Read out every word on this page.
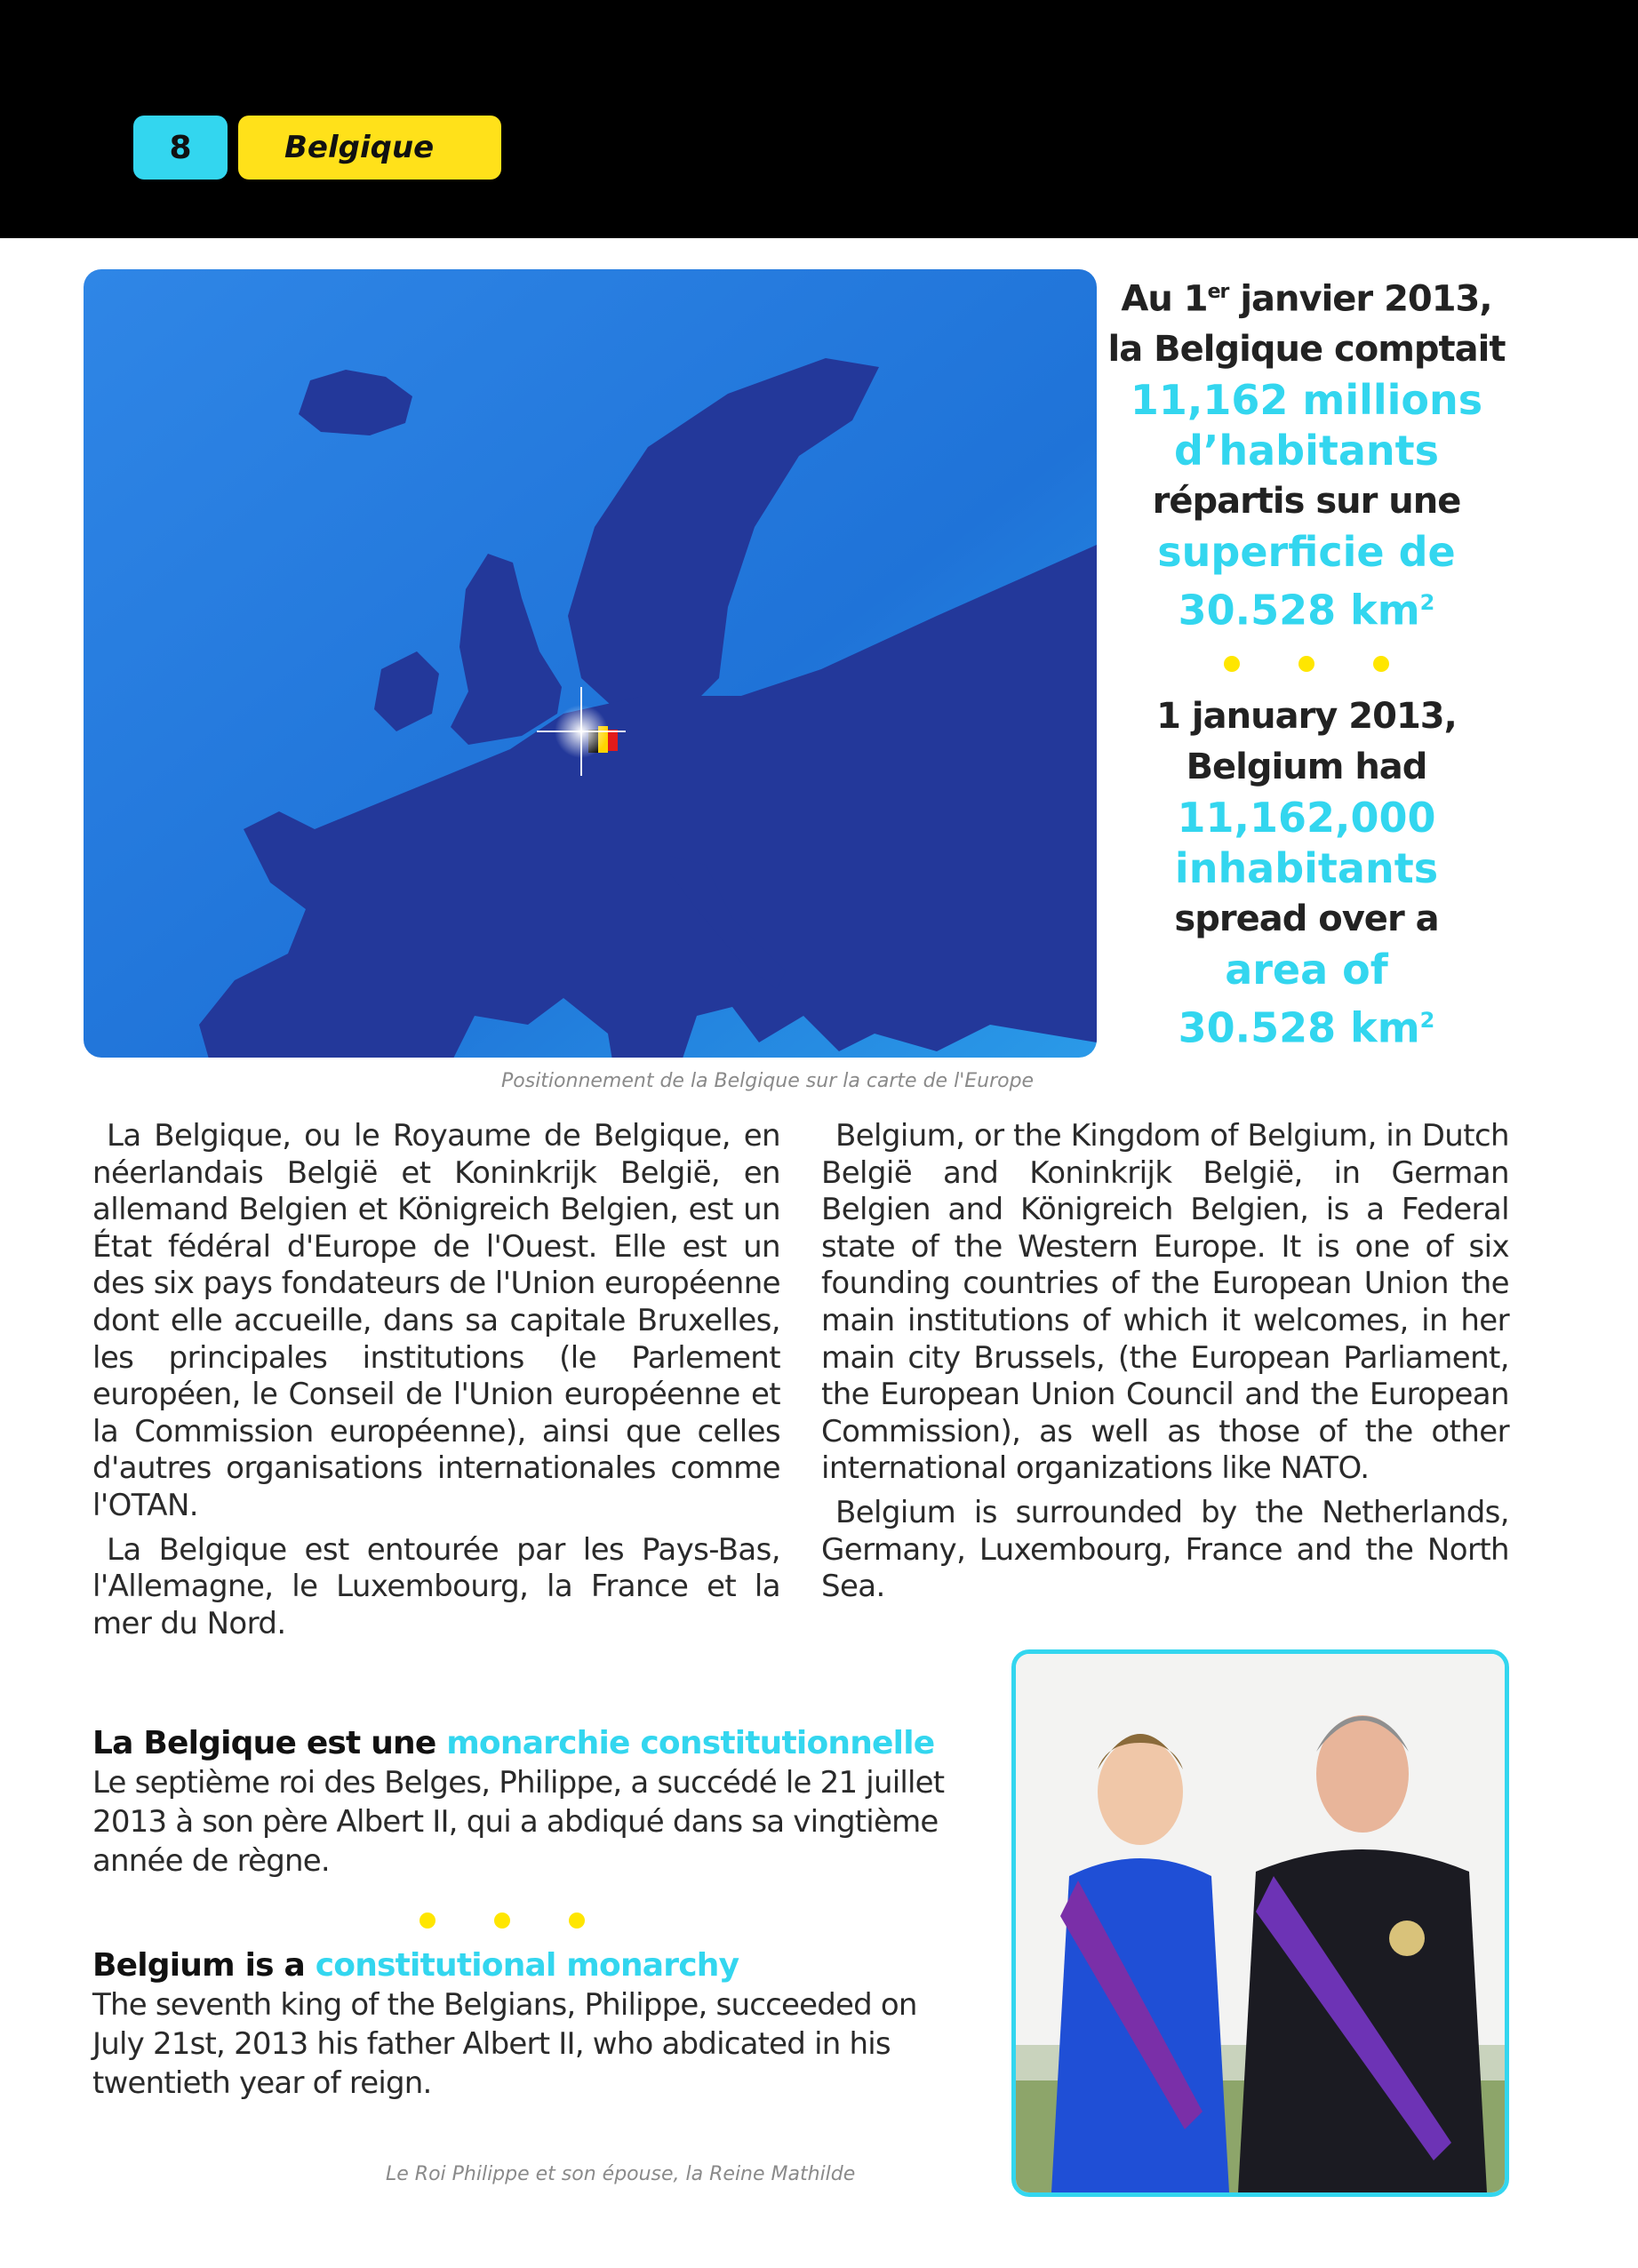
8	Belgique
Positionnement de la Belgique sur la carte de l'Europe
Au 1er janvier 2013,
la Belgique comptait
11,162 millions
d’habitants
répartis sur une
superficie de
30.528 $km^2$
1 january 2013,
Belgium had
11,162,000
inhabitants
spread over a
area of
30.528 $km^2$

La Belgique, ou le Royaume de Belgique, en néerlandais België et Koninkrijk België, en allemand Belgien et Königreich Belgien, est un État fédéral d'Europe de l'Ouest. Elle est un des six pays fondateurs de l'Union européenne dont elle accueille, dans sa capitale Bruxelles, les principales institutions (le Parlement européen, le Conseil de l'Union européenne et la Commission européenne), ainsi que celles d'autres organisations internationales comme l'OTAN.

La Belgique est entourée par les Pays-Bas, l'Allemagne, le Luxembourg, la France et la mer du Nord.

Belgium, or the Kingdom of Belgium, in Dutch België and Koninkrijk België, in German Belgien and Königreich Belgien, is a Federal state of the Western Europe. It is one of six founding countries of the European Union the main institutions of which it welcomes, in her main city Brussels, (the European Parliament, the European Union Council and the European Commission), as well as those of the other international organizations like NATO.

Belgium is surrounded by the Netherlands, Germany, Luxembourg, France and the North Sea.

La Belgique est une monarchie constitutionnelle

Le septième roi des Belges, Philippe, a succédé le 21 juillet 2013 à son père Albert II, qui a abdiqué dans sa vingtième année de règne.

Belgium is a constitutional monarchy

The seventh king of the Belgians, Philippe, succeeded on July 21st, 2013 his father Albert II, who abdicated in his twentieth year of reign.

Le Roi Philippe et son épouse, la Reine Mathilde
